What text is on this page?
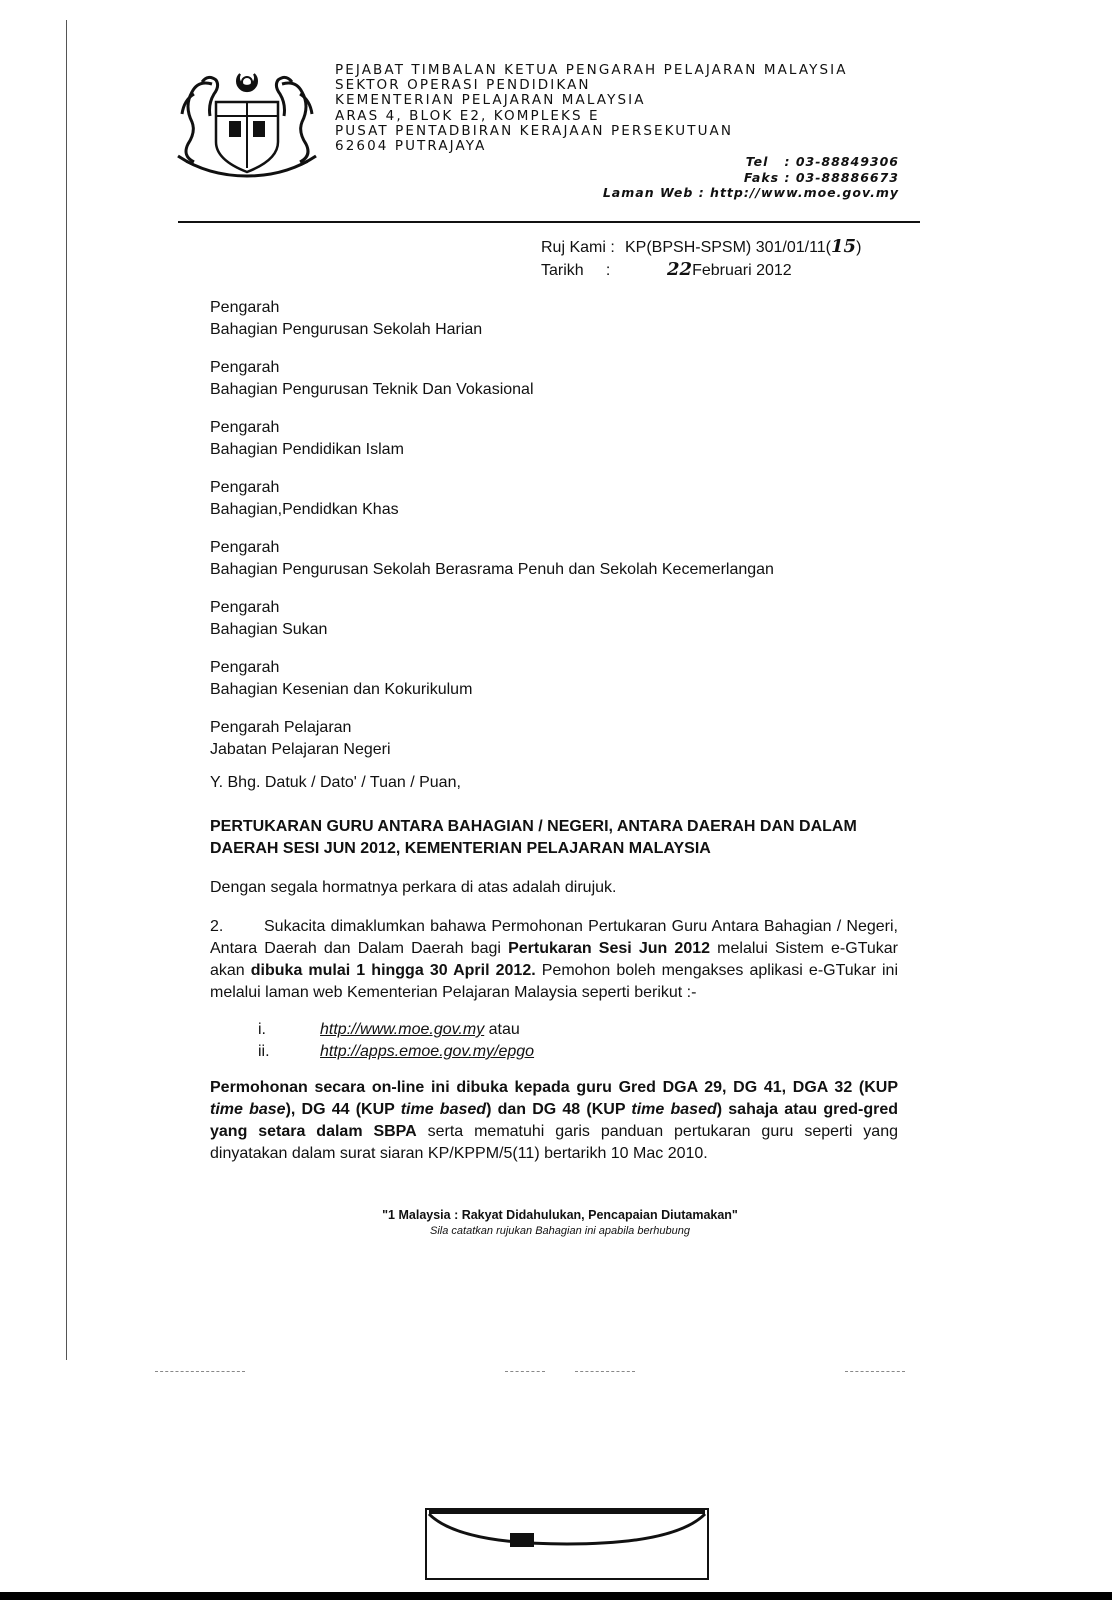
PEJABAT TIMBALAN KETUA PENGARAH PELAJARAN MALAYSIA
SEKTOR OPERASI PENDIDIKAN
KEMENTERIAN PELAJARAN MALAYSIA
ARAS 4, BLOK E2, KOMPLEKS E
PUSAT PENTADBIRAN KERAJAAN PERSEKUTUAN
62604 PUTRAJAYA
Tel   : 03-88849306
Faks : 03-88886673
Laman Web : http://www.moe.gov.my
Ruj Kami : KP(BPSH-SPSM) 301/01/11(15)
Tarikh     :	22Februari 2012
Pengarah
Bahagian Pengurusan Sekolah Harian
Pengarah
Bahagian Pengurusan Teknik Dan Vokasional
Pengarah
Bahagian Pendidikan Islam
Pengarah
Bahagian,Pendidkan Khas
Pengarah
Bahagian Pengurusan Sekolah Berasrama Penuh dan Sekolah Kecemerlangan
Pengarah
Bahagian Sukan
Pengarah
Bahagian Kesenian dan Kokurikulum
Pengarah Pelajaran
Jabatan Pelajaran Negeri
Y. Bhg. Datuk / Dato' / Tuan / Puan,
PERTUKARAN GURU ANTARA BAHAGIAN / NEGERI, ANTARA DAERAH DAN DALAM DAERAH SESI JUN 2012, KEMENTERIAN PELAJARAN MALAYSIA
Dengan segala hormatnya perkara di atas adalah dirujuk.
2.	Sukacita dimaklumkan bahawa Permohonan Pertukaran Guru Antara Bahagian / Negeri, Antara Daerah dan Dalam Daerah bagi Pertukaran Sesi Jun 2012 melalui Sistem e-GTukar akan dibuka mulai 1 hingga 30 April 2012. Pemohon boleh mengakses aplikasi e-GTukar ini melalui laman web Kementerian Pelajaran Malaysia seperti berikut :-
i.	http://www.moe.gov.my atau
ii.	http://apps.emoe.gov.my/epgo
Permohonan secara on-line ini dibuka kepada guru Gred DGA 29, DG 41, DGA 32 (KUP time base), DG 44 (KUP time based) dan DG 48 (KUP time based) sahaja atau gred-gred yang setara dalam SBPA serta mematuhi garis panduan pertukaran guru seperti yang dinyatakan dalam surat siaran KP/KPPM/5(11) bertarikh 10 Mac 2010.
"1 Malaysia : Rakyat Didahulukan, Pencapaian Diutamakan"
Sila catatkan rujukan Bahagian ini apabila berhubung
